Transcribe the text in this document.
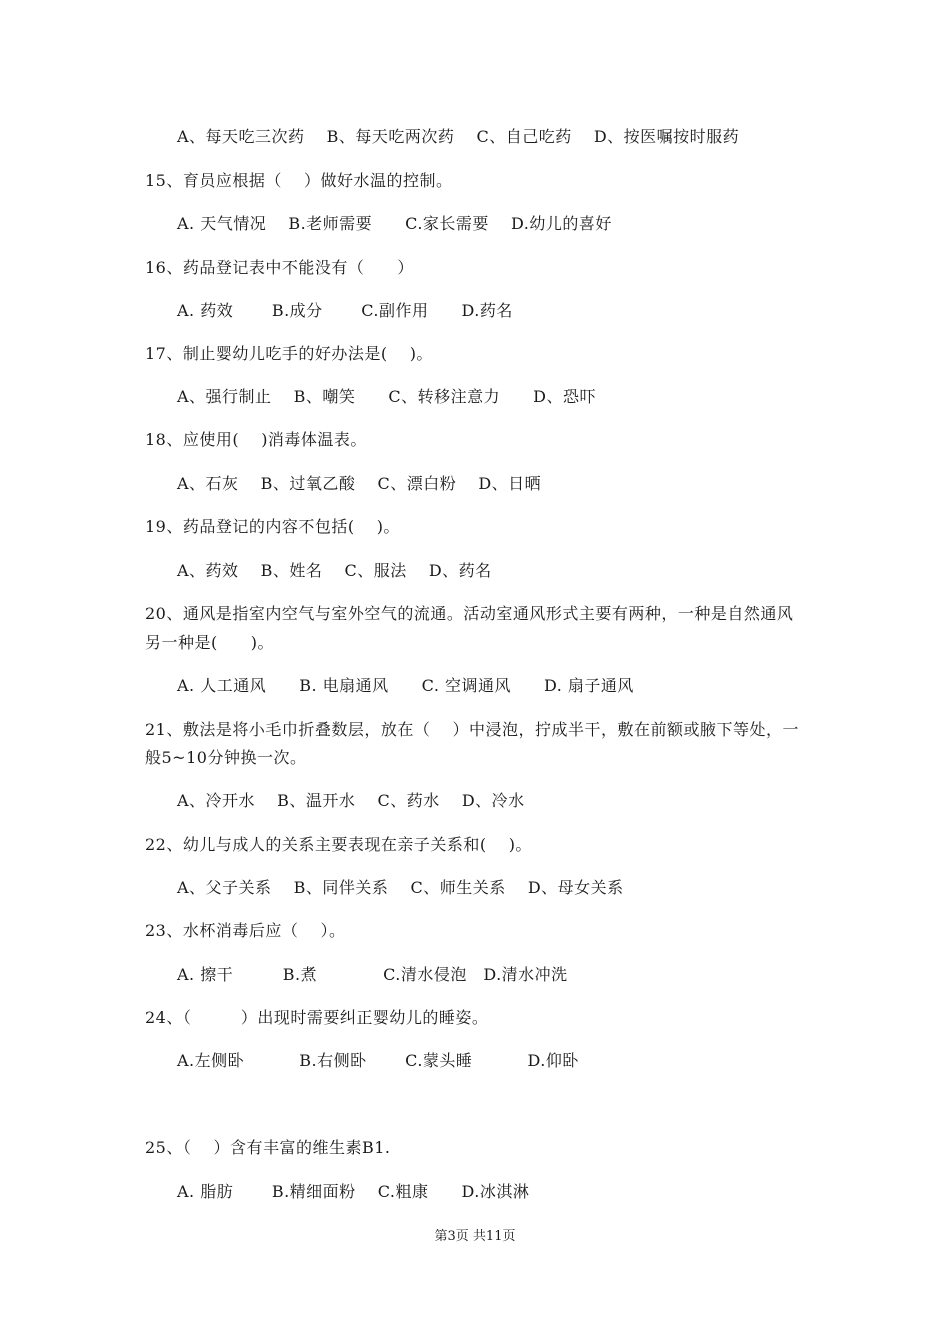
A、每天吃三次药　 B、每天吃两次药　 C、自己吃药　 D、按医嘱按时服药
15、育员应根据（　 ）做好水温的控制。
A. 天气情况　 B.老师需要　　C.家长需要　 D.幼儿的喜好
16、药品登记表中不能没有（　　）
A. 药效　　 B.成分　　 C.副作用　　D.药名
17、制止婴幼儿吃手的好办法是(　 )。
A、强行制止　 B、嘲笑　　C、转移注意力　　D、恐吓
18、应使用(　 )消毒体温表。
A、石灰　 B、过氧乙酸　 C、漂白粉　 D、日晒
19、药品登记的内容不包括(　 )。
A、药效　 B、姓名　 C、服法　 D、药名
20、通风是指室内空气与室外空气的流通。活动室通风形式主要有两种，一种是自然通风
另一种是(　　)。
A. 人工通风　　B. 电扇通风　　C. 空调通风　　D. 扇子通风
21、敷法是将小毛巾折叠数层，放在（　 ）中浸泡，拧成半干，敷在前额或腋下等处，一
般5~10分钟换一次。
A、冷开水　 B、温开水　 C、药水　 D、冷水
22、幼儿与成人的关系主要表现在亲子关系和(　 )。
A、父子关系　 B、同伴关系　 C、师生关系　 D、母女关系
23、水杯消毒后应（　 ）。
A. 擦干　　　B.煮　　　　C.清水侵泡　D.清水冲洗
24、（　　　）出现时需要纠正婴幼儿的睡姿。
A.左侧卧　　　 B.右侧卧　　 C.蒙头睡　　　 D.仰卧
25、（　 ）含有丰富的维生素B1.
A. 脂肪　　 B.精细面粉　 C.粗康　　D.冰淇淋
第3页 共11页
